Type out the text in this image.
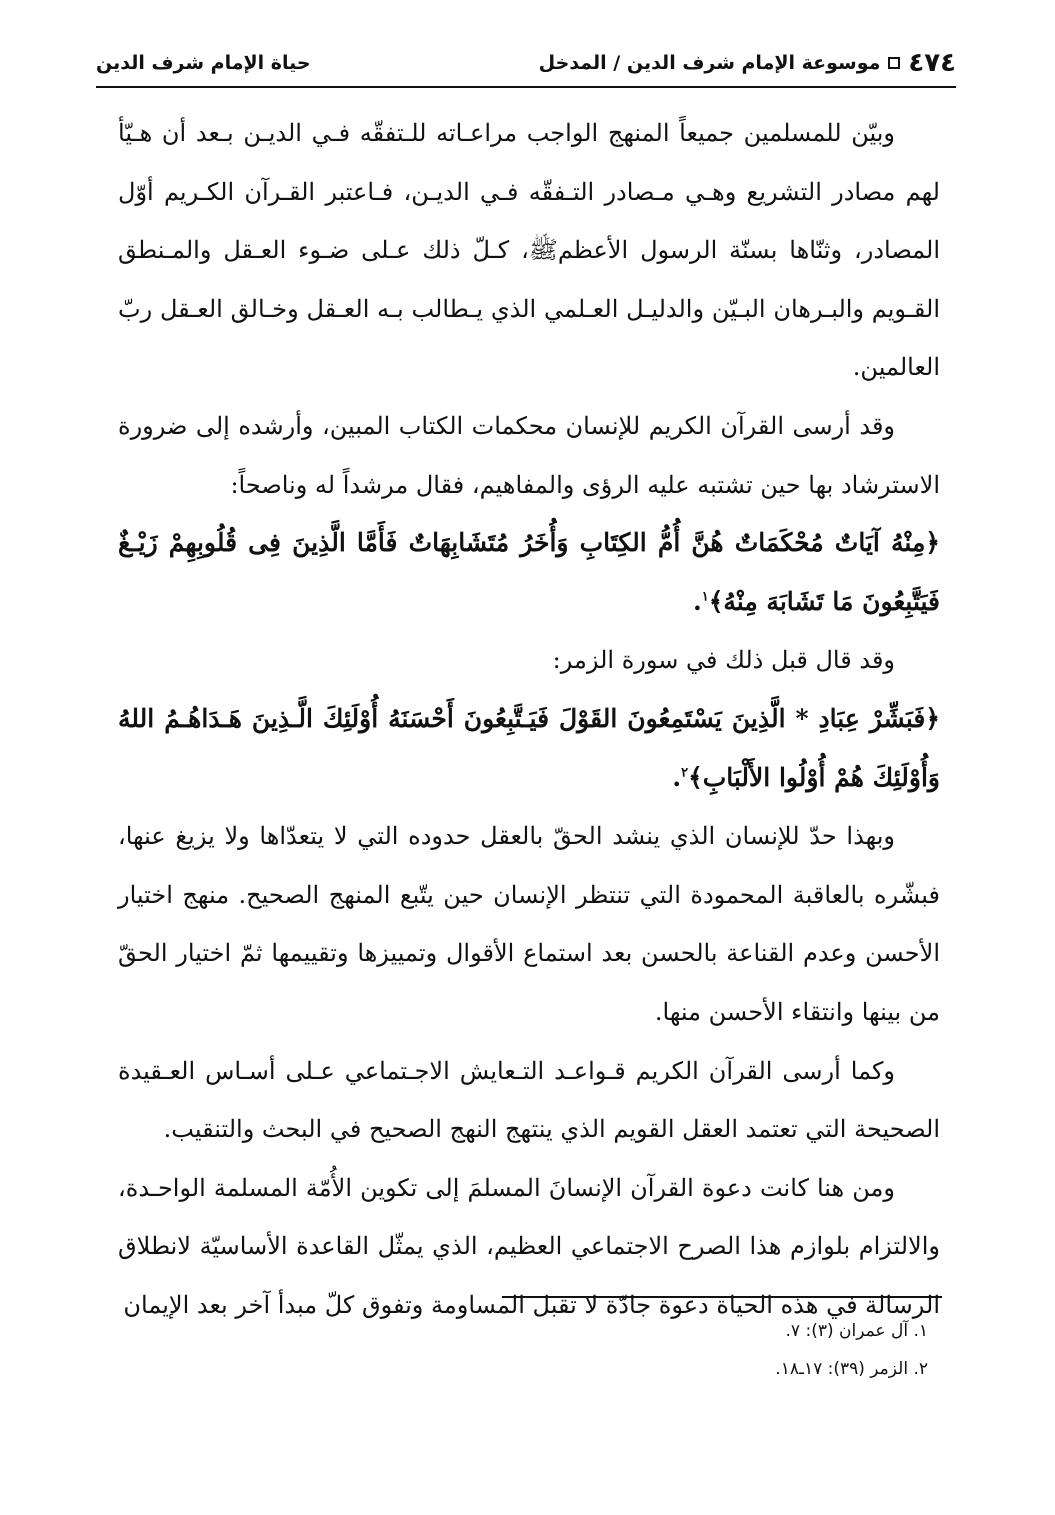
٤٧٤
موسوعة الإمام شرف الدين / المدخل
حياة الإمام شرف الدين

وبيّن للمسلمين جميعاً المنهج الواجب مراعـاته للـتفقّه فـي الديـن بـعد أن هـيّأ لهم مصادر التشريع وهـي مـصادر التـفقّه فـي الديـن، فـاعتبر القـرآن الكـريم أوّل المصادر، وثنّاها بسنّة الرسول الأعظمﷺ، كـلّ ذلك عـلى ضـوء العـقل والمـنطق القـويم والبـرهان البـيّن والدليـل العـلمي الذي يـطالب بـه العـقل وخـالق العـقل ربّ العالمين.

وقد أرسى القرآن الكريم للإنسان محكمات الكتاب المبين، وأرشده إلى ضرورة الاسترشاد بها حين تشتبه عليه الرؤى والمفاهيم، فقال مرشداً له وناصحاً:

﴿مِنْهُ آيَاتٌ مُحْكَمَاتٌ هُنَّ أُمُّ الكِتَابِ وَأُخَرُ مُتَشَابِهَاتٌ فَأَمَّا الَّذِينَ فِى قُلُوبِهِمْ زَيْـغٌ فَيَتَّبِعُونَ مَا تَشَابَهَ مِنْهُ﴾$^١$.

وقد قال قبل ذلك في سورة الزمر:

﴿فَبَشِّرْ عِبَادِ * الَّذِينَ يَسْتَمِعُونَ القَوْلَ فَيَـتَّبِعُونَ أَحْسَنَهُ أُوْلَئِكَ الَّـذِينَ هَـدَاهُـمُ اللهُ وَأُوْلَئِكَ هُمْ أُوْلُوا الأَلْبَابِ﴾$^٢$.

وبهذا حدّ للإنسان الذي ينشد الحقّ بالعقل حدوده التي لا يتعدّاها ولا يزيغ عنها، فبشّره بالعاقبة المحمودة التي تنتظر الإنسان حين يتّبع المنهج الصحيح. منهج اختيار الأحسن وعدم القناعة بالحسن بعد استماع الأقوال وتمييزها وتقييمها ثمّ اختيار الحقّ من بينها وانتقاء الأحسن منها.

وكما أرسى القرآن الكريم قـواعـد التـعايش الاجـتماعي عـلى أسـاس العـقيدة الصحيحة التي تعتمد العقل القويم الذي ينتهج النهج الصحيح في البحث والتنقيب.

ومن هنا كانت دعوة القرآن الإنسانَ المسلمَ إلى تكوين الأُمّة المسلمة الواحـدة، والالتزام بلوازم هذا الصرح الاجتماعي العظيم، الذي يمثّل القاعدة الأساسيّة لانطلاق الرسالة في هذه الحياة دعوة جادّة لا تقبل المساومة وتفوق كلّ مبدأ آخر بعد الإيمان

١. آل عمران (٣): ٧.

٢. الزمر (٣٩): ١٧ـ١٨.
